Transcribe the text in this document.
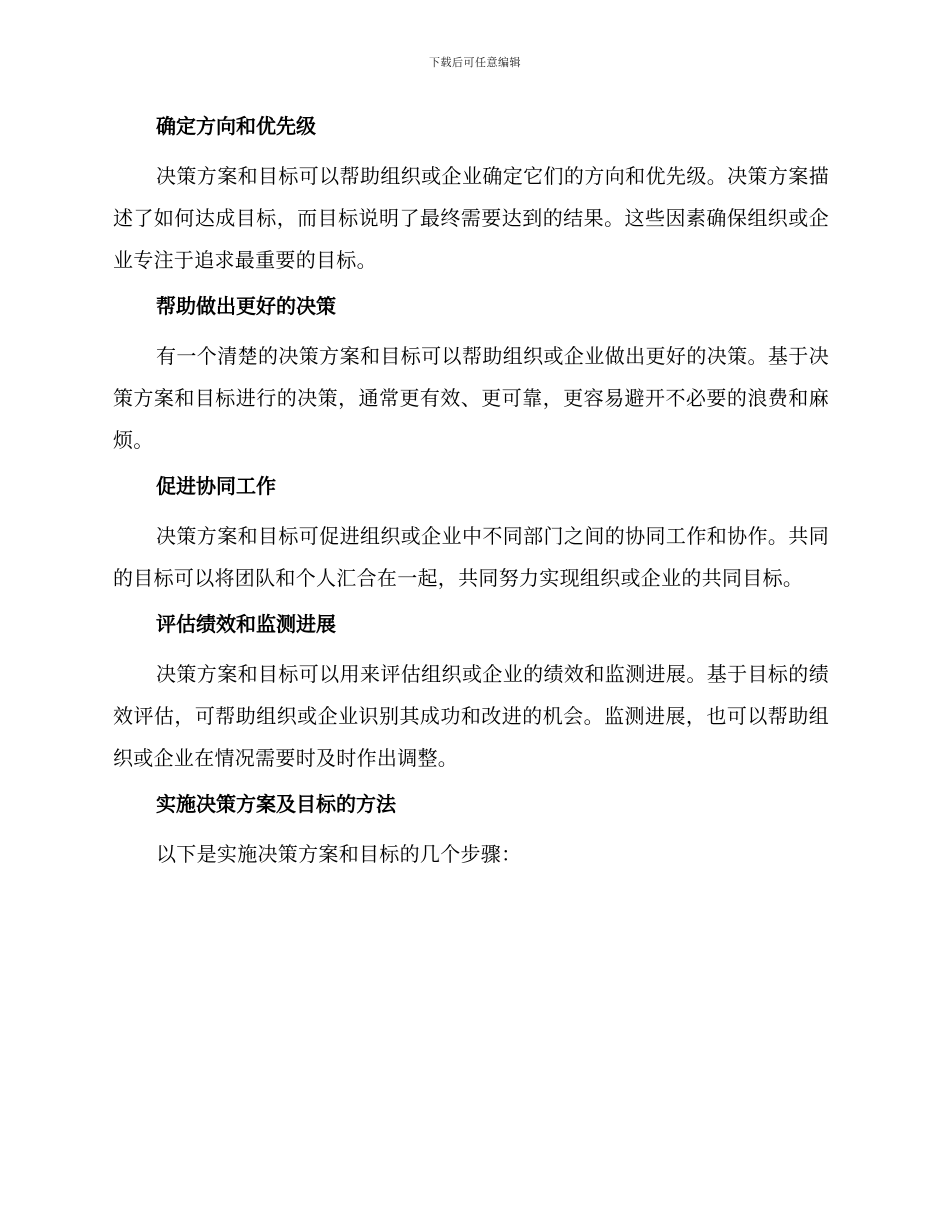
下载后可任意编辑
确定方向和优先级

决策方案和目标可以帮助组织或企业确定它们的方向和优先级。决策方案描述了如何达成目标，而目标说明了最终需要达到的结果。这些因素确保组织或企业专注于追求最重要的目标。

帮助做出更好的决策

有一个清楚的决策方案和目标可以帮助组织或企业做出更好的决策。基于决策方案和目标进行的决策，通常更有效、更可靠，更容易避开不必要的浪费和麻烦。

促进协同工作

决策方案和目标可促进组织或企业中不同部门之间的协同工作和协作。共同的目标可以将团队和个人汇合在一起，共同努力实现组织或企业的共同目标。

评估绩效和监测进展

决策方案和目标可以用来评估组织或企业的绩效和监测进展。基于目标的绩效评估，可帮助组织或企业识别其成功和改进的机会。监测进展，也可以帮助组织或企业在情况需要时及时作出调整。

实施决策方案及目标的方法

以下是实施决策方案和目标的几个步骤：
